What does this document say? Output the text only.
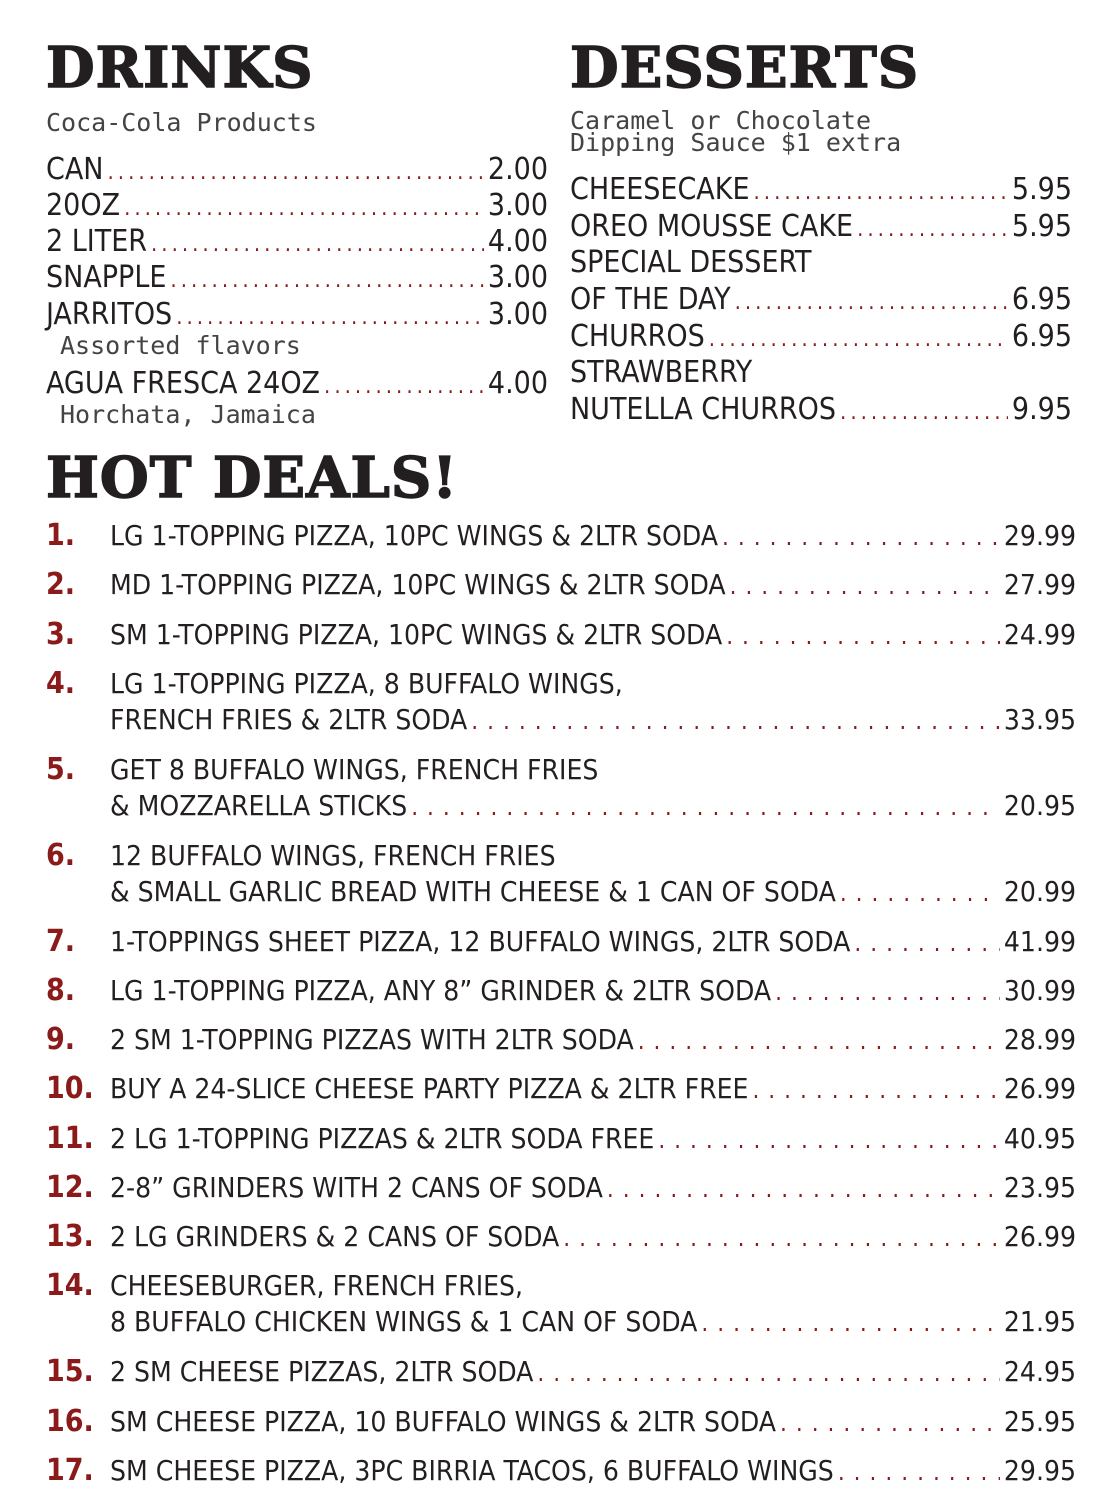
DRINKS
Coca-Cola Products
CAN .....	2.00
20OZ .....	3.00
2 LITER .....	4.00
SNAPPLE .....	3.00
JARRITOS .....	3.00
Assorted flavors
AGUA FRESCA 24OZ .....	4.00
Horchata, Jamaica
DESSERTS
Caramel or Chocolate
Dipping Sauce $1 extra
CHEESECAKE .....	5.95
OREO MOUSSE CAKE .....	5.95
SPECIAL DESSERT
OF THE DAY .....	6.95
CHURROS .....	6.95
STRAWBERRY
NUTELLA CHURROS .....	9.95
HOT DEALS!
1. LG 1-TOPPING PIZZA, 10PC WINGS & 2LTR SODA .....	29.99
2. MD 1-TOPPING PIZZA, 10PC WINGS & 2LTR SODA .....	27.99
3. SM 1-TOPPING PIZZA, 10PC WINGS & 2LTR SODA .....	24.99
4. LG 1-TOPPING PIZZA, 8 BUFFALO WINGS,
FRENCH FRIES & 2LTR SODA .....	33.95
5. GET 8 BUFFALO WINGS, FRENCH FRIES
& MOZZARELLA STICKS .....	20.95
6. 12 BUFFALO WINGS, FRENCH FRIES
& SMALL GARLIC BREAD WITH CHEESE & 1 CAN OF SODA .....	20.99
7. 1-TOPPINGS SHEET PIZZA, 12 BUFFALO WINGS, 2LTR SODA .....	41.99
8. LG 1-TOPPING PIZZA, ANY 8” GRINDER & 2LTR SODA .....	30.99
9. 2 SM 1-TOPPING PIZZAS WITH 2LTR SODA .....	28.99
10. BUY A 24-SLICE CHEESE PARTY PIZZA & 2LTR FREE .....	26.99
11. 2 LG 1-TOPPING PIZZAS & 2LTR SODA FREE .....	40.95
12. 2-8” GRINDERS WITH 2 CANS OF SODA .....	23.95
13. 2 LG GRINDERS & 2 CANS OF SODA .....	26.99
14. CHEESEBURGER, FRENCH FRIES,
8 BUFFALO CHICKEN WINGS & 1 CAN OF SODA .....	21.95
15. 2 SM CHEESE PIZZAS, 2LTR SODA .....	24.95
16. SM CHEESE PIZZA, 10 BUFFALO WINGS & 2LTR SODA .....	25.95
17. SM CHEESE PIZZA, 3PC BIRRIA TACOS, 6 BUFFALO WINGS .....	29.95
